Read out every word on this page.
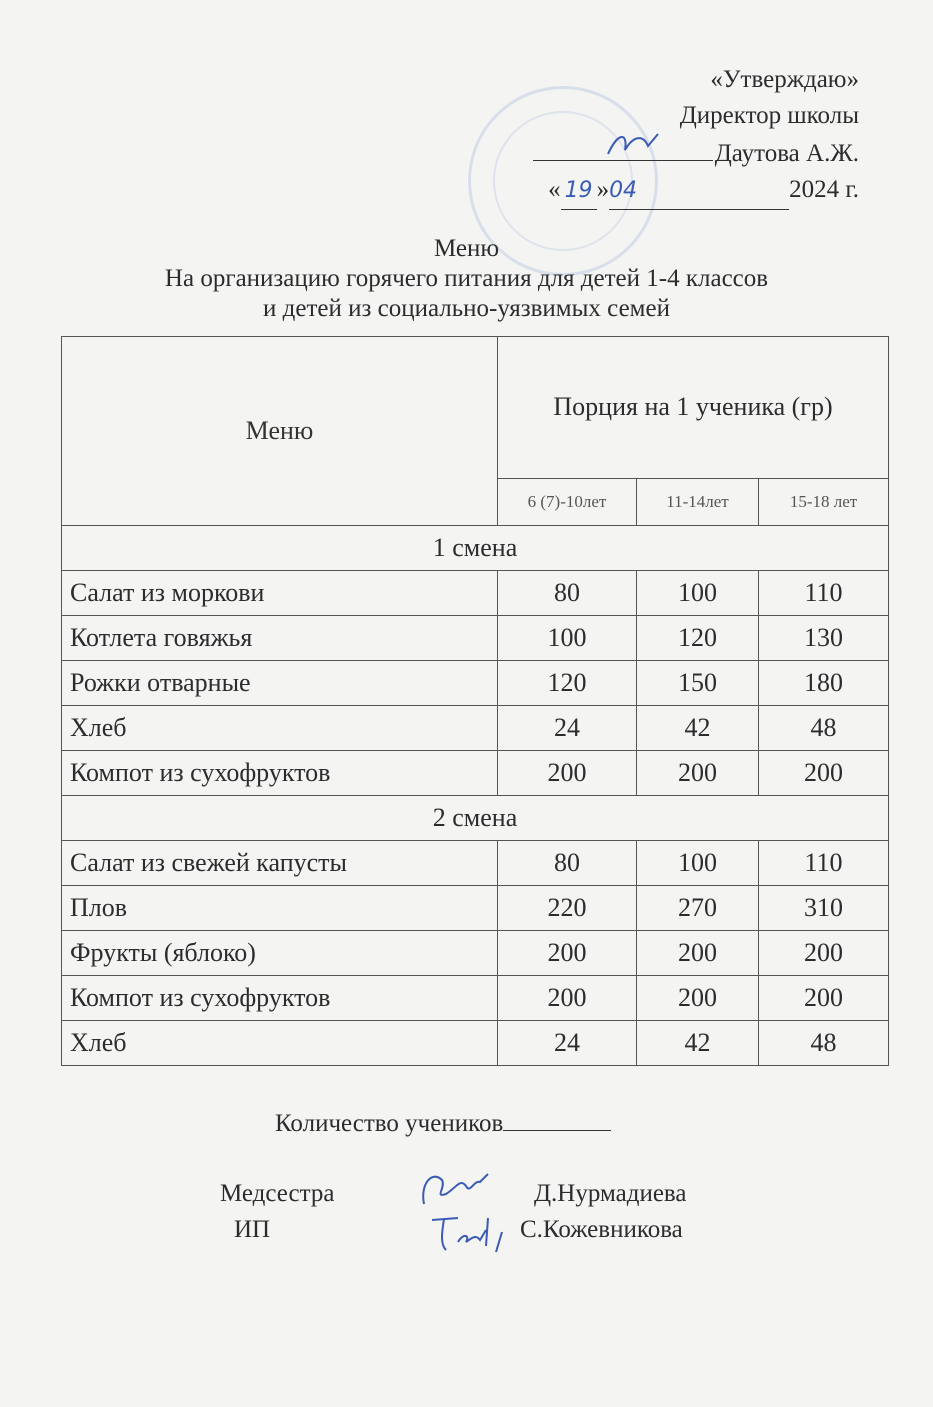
«Утверждаю»
Директор школы
Даутова А.Ж.
« 19 »04	2024 г.
Меню
На организацию горячего питания для детей 1-4 классов
и детей из социально-уязвимых семей
Меню	Порция на 1 ученика (гр)		
	6 (7)-10лет	11-14лет	15-18 лет
1 смена			
Салат из моркови	80	100	110
Котлета говяжья	100	120	130
Рожки отварные	120	150	180
Хлеб	24	42	48
Компот из сухофруктов	200	200	200
2 смена			
Салат из свежей капусты	80	100	110
Плов	220	270	310
Фрукты (яблоко)	200	200	200
Компот из сухофруктов	200	200	200
Хлеб	24	42	48
Количество учеников
Медсестра
ИП
Д.Нурмадиева
С.Кожевникова
